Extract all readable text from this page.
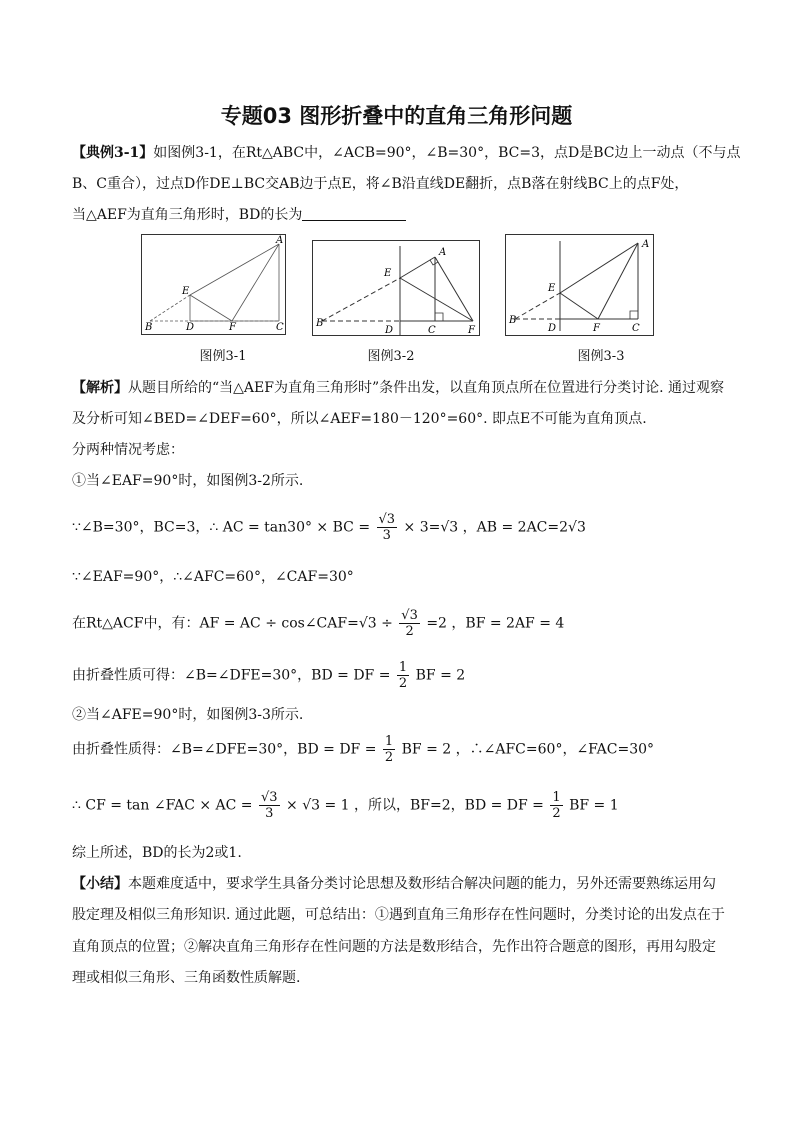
专题03 图形折叠中的直角三角形问题
【典例3-1】如图例3-1，在Rt△ABC中，∠ACB=90°，∠B=30°，BC=3，点D是BC边上一动点（不与点
B、C重合），过点D作DE⊥BC交AB边于点E，将∠B沿直线DE翻折，点B落在射线BC上的点F处，
当△AEF为直角三角形时，BD的长为
A
B	C
D
E
F
图例3-1
A
B
C
D
E
F
图例3-2
A
B
C
D
E
F
图例3-3
【解析】从题目所给的“当△AEF为直角三角形时”条件出发，以直角顶点所在位置进行分类讨论. 通过观察
及分析可知∠BED=∠DEF=60°，所以∠AEF=180－120°=60°. 即点E不可能为直角顶点.
分两种情况考虑：
①当∠EAF=90°时，如图例3-2所示.
∵∠B=30°，BC=3，∴ AC = tan30° × BC = $\frac{√3}{3} \times 3=√3$ ，AB = 2AC=2√3
∵∠EAF=90°，∴∠AFC=60°，∠CAF=30°
在Rt△ACF中，有：AF = AC ÷ cos∠CAF=√3 ÷ $\frac{√3}{2} =2$ ，BF = 2AF = 4
由折叠性质可得：∠B=∠DFE=30°，BD = DF = $\frac{1}{2}$ BF = 2
②当∠AFE=90°时，如图例3-3所示.
由折叠性质得：∠B=∠DFE=30°，BD = DF = $\frac{1}{2}$ BF = 2 ，∴∠AFC=60°，∠FAC=30°
∴ CF = tan ∠FAC × AC = $\frac{√3}{3} \times √3 = 1$ ，所以，BF=2，BD = DF = $\frac{1}{2}$ BF = 1
综上所述，BD的长为2或1.
【小结】本题难度适中，要求学生具备分类讨论思想及数形结合解决问题的能力，另外还需要熟练运用勾
股定理及相似三角形知识. 通过此题，可总结出：①遇到直角三角形存在性问题时，分类讨论的出发点在于
直角顶点的位置；②解决直角三角形存在性问题的方法是数形结合，先作出符合题意的图形，再用勾股定
理或相似三角形、三角函数性质解题.
